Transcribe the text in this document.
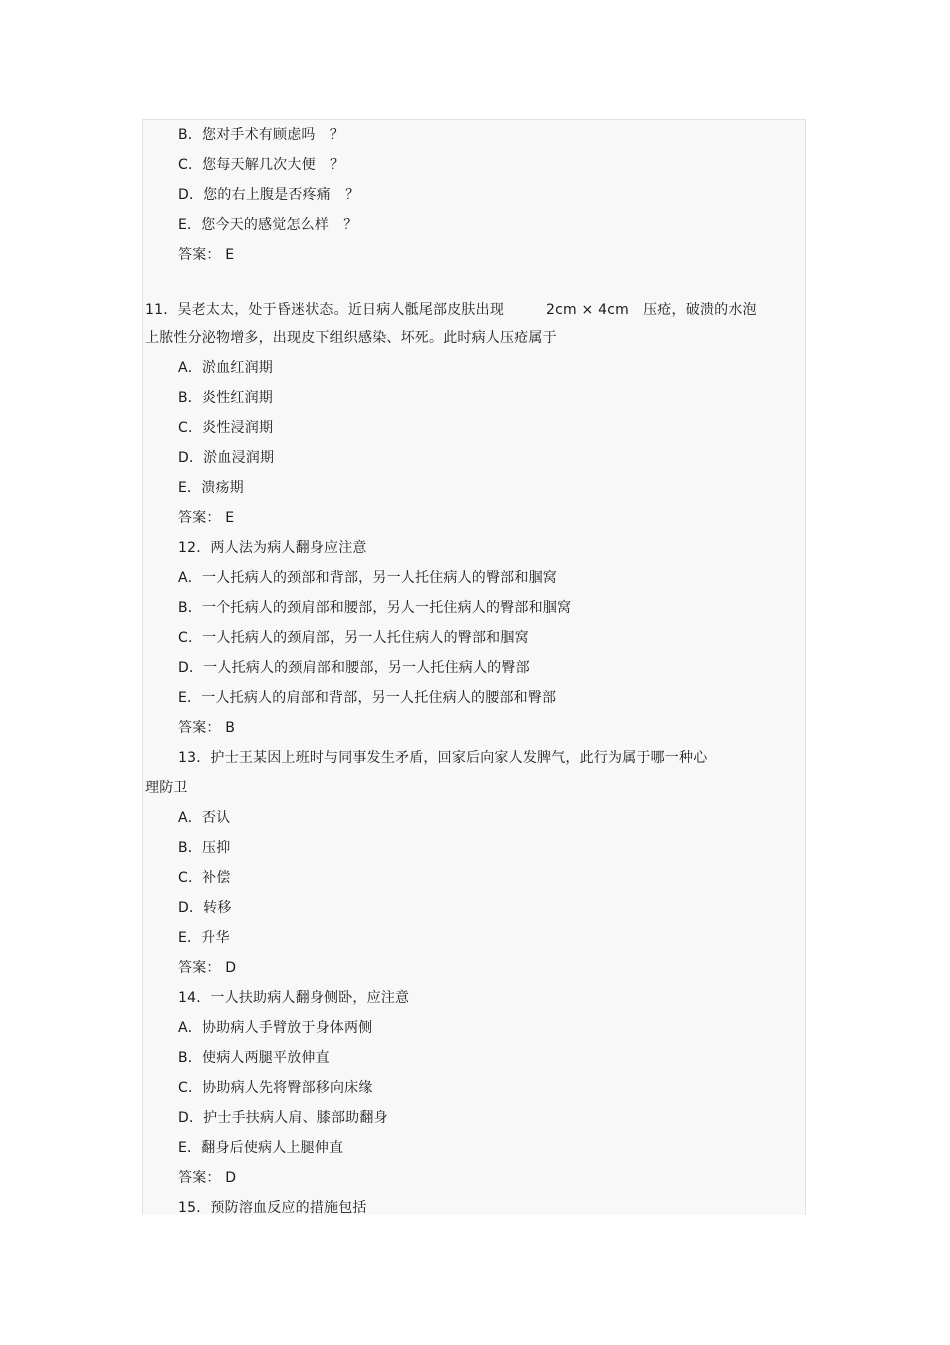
B．您对手术有顾虑吗　？
C．您每天解几次大便　？
D．您的右上腹是否疼痛　？
E．您今天的感觉怎么样　？
答案： E
11．吴老太太，处于昏迷状态。近日病人骶尾部皮肤出现	2cm × 4cm　压疮，破溃的水泡
上脓性分泌物增多，出现皮下组织感染、坏死。此时病人压疮属于
A．淤血红润期
B．炎性红润期
C．炎性浸润期
D．淤血浸润期
E．溃疡期
答案： E
12．两人法为病人翻身应注意
A．一人托病人的颈部和背部，另一人托住病人的臀部和腘窝
B．一个托病人的颈肩部和腰部，另人一托住病人的臀部和腘窝
C．一人托病人的颈肩部，另一人托住病人的臀部和腘窝
D．一人托病人的颈肩部和腰部，另一人托住病人的臀部
E．一人托病人的肩部和背部，另一人托住病人的腰部和臀部
答案： B
13．护士王某因上班时与同事发生矛盾，回家后向家人发脾气，此行为属于哪一种心
理防卫
A．否认
B．压抑
C．补偿
D．转移
E．升华
答案： D
14．一人扶助病人翻身侧卧，应注意
A．协助病人手臂放于身体两侧
B．使病人两腿平放伸直
C．协助病人先将臀部移向床缘
D．护士手扶病人肩、膝部助翻身
E．翻身后使病人上腿伸直
答案： D
15．预防溶血反应的措施包括
